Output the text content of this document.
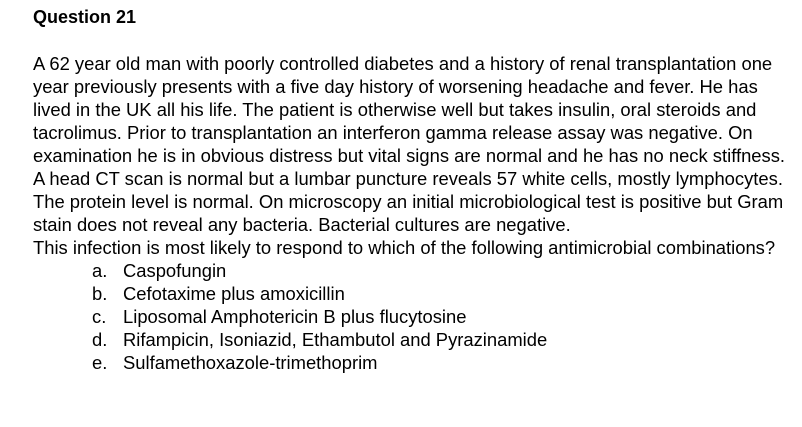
Question 21

A 62 year old man with poorly controlled diabetes and a history of renal transplantation one year previously presents with a five day history of worsening headache and fever. He has lived in the UK all his life. The patient is otherwise well but takes insulin, oral steroids and tacrolimus. Prior to transplantation an interferon gamma release assay was negative. On examination he is in obvious distress but vital signs are normal and he has no neck stiffness. A head CT scan is normal but a lumbar puncture reveals 57 white cells, mostly lymphocytes. The protein level is normal. On microscopy an initial microbiological test is positive but Gram stain does not reveal any bacteria. Bacterial cultures are negative.

This infection is most likely to respond to which of the following antimicrobial combinations?

a. Caspofungin
b. Cefotaxime plus amoxicillin
c. Liposomal Amphotericin B plus flucytosine
d. Rifampicin, Isoniazid, Ethambutol and Pyrazinamide
e. Sulfamethoxazole-trimethoprim
